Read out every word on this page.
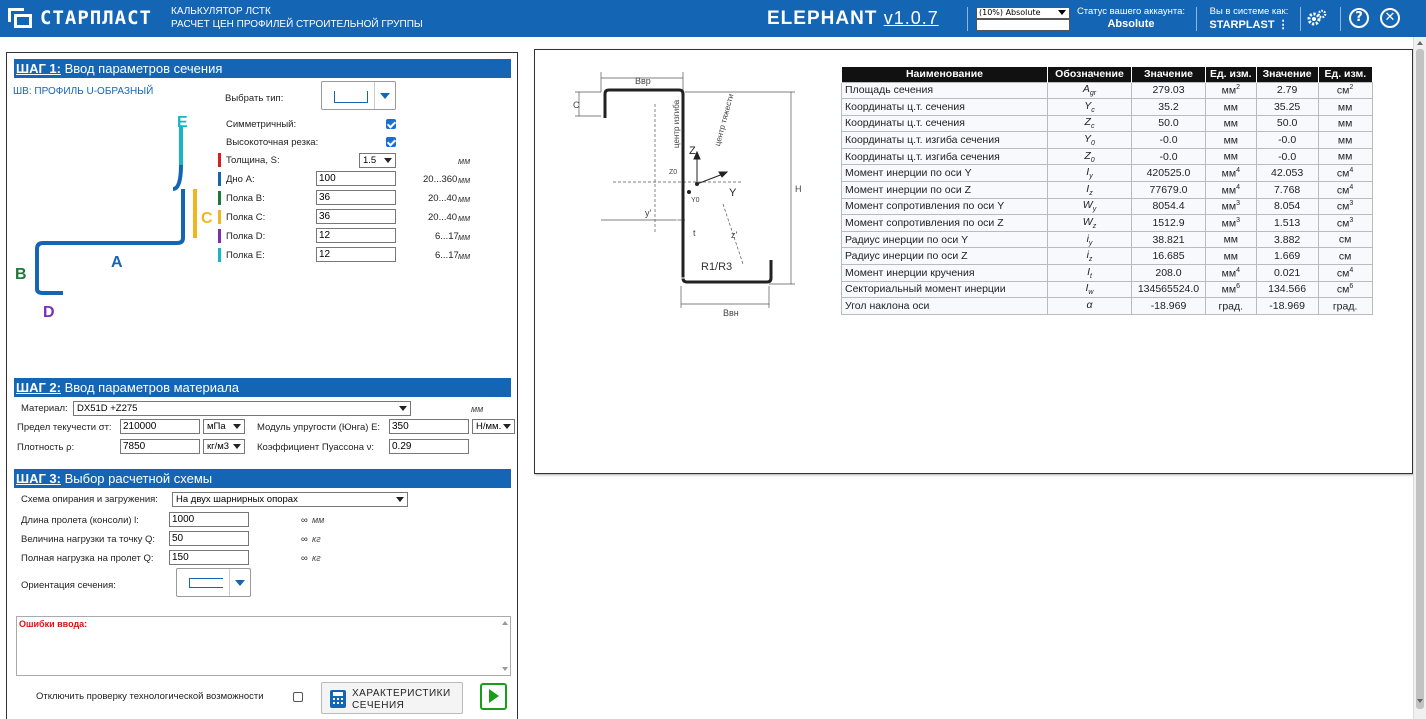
СТАРПЛАСТ КАЛЬКУЛЯТОР ЛСТК
РАСЧЕТ ЦЕН ПРОФИЛЕЙ СТРОИТЕЛЬНОЙ ГРУППЫ	ELEPHANT v1.0.7	(10%) Absolute	Статус вашего аккаунта:
Absolute
Вы в системе как:
STARPLAST ⋮	?	✕
ШАГ 1: Ввод параметров сечения
ШВ: ПРОФИЛЬ U-ОБРАЗНЫЙ
E
C
A
B
D
Выбрать тип:
Симметричный:
Высокоточная резка:
Толщина, S:	1.5	мм
Дно A:	100	20...360 мм
Полка B:	36	20...40 мм
Полка C:	36	20...40 мм
Полка D:	12	6...17 мм
Полка E:	12	6...17 мм
ШАГ 2: Ввод параметров материала
Материал: DX51D +Z275	мм
Предел текучести σт:	210000	мПа	Модуль упругости (Юнга) E:	350	Н/мм.
Плотность ρ:	7850	кг/м3	Коэффициент Пуассона ν:	0.29
ШАГ 3: Выбор расчетной схемы
Схема опирания и загружения:	На двух шарнирных опорах
Длина пролета (консоли) l:	1000	∞ мм
Величина нагрузки та точку Q:	50	∞ кг
Полная нагрузка на пролет Q:	150	∞ кг
Ориентация сечения:
Ошибки ввода:
Отключить проверку технологической возможности	ХАРАКТЕРИСТИКИ
СЕЧЕНИЯ
Z
Y
центр изгиба	центр тяжести
Bвр
Bвн
H
C
t
R1/R3
y'
z'
Z0
Y0
Наименование	Обозначение	Значение	Ед. изм.	Значение	Ед. изм.
Площадь сечения	$A_{gr}$	279.03	$мм^2$	2.79	$см^2$
Координаты ц.т. сечения	$Y_c$	35.2	мм	35.25	мм
Координаты ц.т. сечения	$Z_c$	50.0	мм	50.0	мм
Координаты ц.т. изгиба сечения	$Y_0$	-0.0	мм	-0.0	мм
Координаты ц.т. изгиба сечения	$Z_0$	-0.0	мм	-0.0	мм
Момент инерции по оси Y	$I_y$	420525.0	$мм^4$	42.053	$см^4$
Момент инерции по оси Z	$I_z$	77679.0	$мм^4$	7.768	$см^4$
Момент сопротивления по оси Y	$W_y$	8054.4	$мм^3$	8.054	$см^3$
Момент сопротивления по оси Z	$W_z$	1512.9	$мм^3$	1.513	$см^3$
Радиус инерции по оси Y	$i_y$	38.821	мм	3.882	см
Радиус инерции по оси Z	$i_z$	16.685	мм	1.669	см
Момент инерции кручения	$I_t$	208.0	$мм^4$	0.021	$см^4$
Секториальный момент инерции	$I_w$	134565524.0	$мм^6$	134.566	$см^6$
Угол наклона оси	α	-18.969	град.	-18.969	град.
